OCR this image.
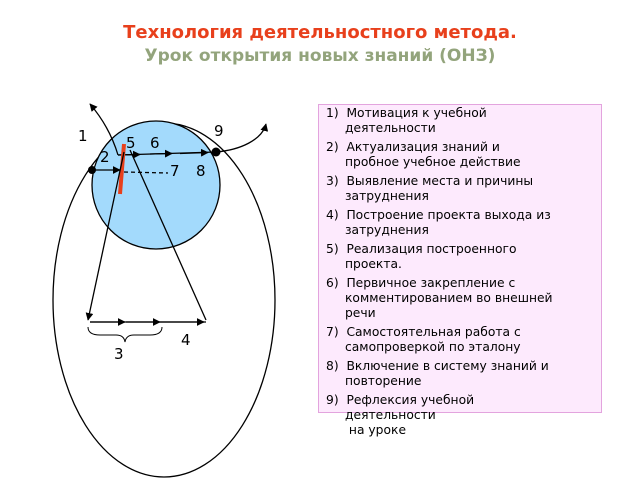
Технология деятельностного метода.
Урок открытия новых знаний (ОНЗ)
1
2
3
4
5 6
7 8
9
1)  Мотивация к учебной
деятельности
2)  Актуализация знаний и
пробное учебное действие
3)  Выявление места и причины
затруднения
4)  Построение проекта выхода из
затруднения
5)  Реализация построенного
проекта.
6)  Первичное закрепление с
комментированием во внешней
речи
7)  Самостоятельная работа с
самопроверкой по эталону
8)  Включение в систему знаний и
повторение
9)  Рефлексия учебной
деятельности
на уроке
